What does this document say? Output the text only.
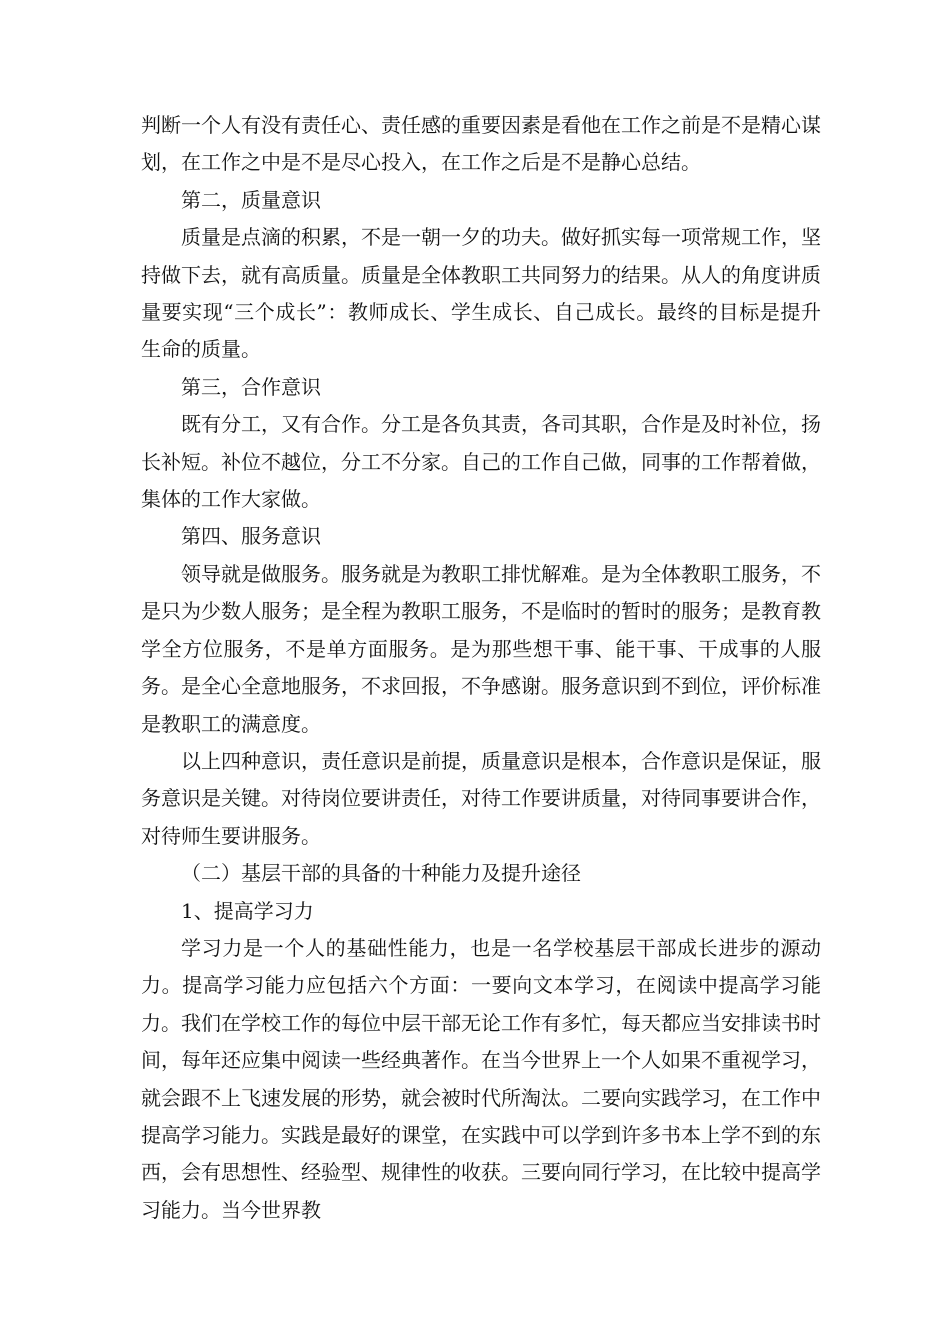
判断一个人有没有责任心、责任感的重要因素是看他在工作之前是不是精心谋划，在工作之中是不是尽心投入，在工作之后是不是静心总结。

第二，质量意识

质量是点滴的积累，不是一朝一夕的功夫。做好抓实每一项常规工作，坚持做下去，就有高质量。质量是全体教职工共同努力的结果。从人的角度讲质量要实现“三个成长”：教师成长、学生成长、自己成长。最终的目标是提升生命的质量。

第三，合作意识

既有分工，又有合作。分工是各负其责，各司其职，合作是及时补位，扬长补短。补位不越位，分工不分家。自己的工作自己做，同事的工作帮着做，集体的工作大家做。

第四、服务意识

领导就是做服务。服务就是为教职工排忧解难。是为全体教职工服务，不是只为少数人服务；是全程为教职工服务，不是临时的暂时的服务；是教育教学全方位服务，不是单方面服务。是为那些想干事、能干事、干成事的人服务。是全心全意地服务，不求回报，不争感谢。服务意识到不到位，评价标准是教职工的满意度。

以上四种意识，责任意识是前提，质量意识是根本，合作意识是保证，服务意识是关键。对待岗位要讲责任，对待工作要讲质量，对待同事要讲合作，对待师生要讲服务。

（二）基层干部的具备的十种能力及提升途径

1、提高学习力

学习力是一个人的基础性能力，也是一名学校基层干部成长进步的源动力。提高学习能力应包括六个方面：一要向文本学习，在阅读中提高学习能力。我们在学校工作的每位中层干部无论工作有多忙，每天都应当安排读书时间，每年还应集中阅读一些经典著作。在当今世界上一个人如果不重视学习，就会跟不上飞速发展的形势，就会被时代所淘汰。二要向实践学习，在工作中提高学习能力。实践是最好的课堂，在实践中可以学到许多书本上学不到的东西，会有思想性、经验型、规律性的收获。三要向同行学习，在比较中提高学习能力。当今世界教
